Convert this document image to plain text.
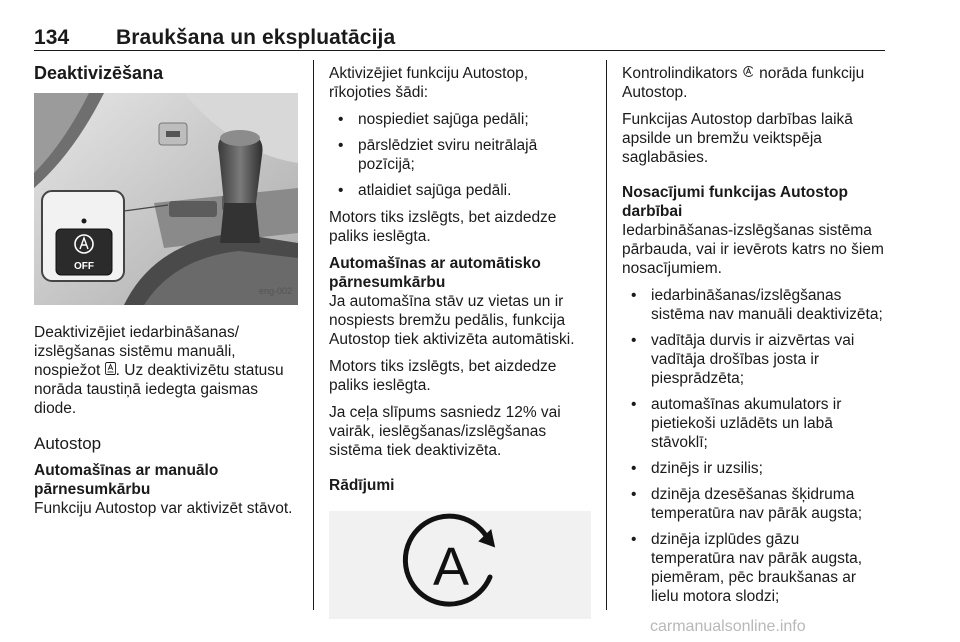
134 Braukšana un ekspluatācija
Deaktivizēšana
OFF
eng-002

Deaktivizējiet iedarbināšanas/ izslēgšanas sistēmu manuāli, nospiežot . Uz deaktivizētu statusu norāda taustiņā iedegta gaismas diode.

Autostop

Automašīnas ar manuālo pārnesumkārbu

Funkciju Autostop var aktivizēt stāvot.

Aktivizējiet funkciju Autostop, rīkojoties šādi:

• nospiediet sajūga pedāli;
• pārslēdziet sviru neitrālajā pozīcijā;
• atlaidiet sajūga pedāli.

Motors tiks izslēgts, bet aizdedze paliks ieslēgta.

Automašīnas ar automātisko pārnesumkārbu

Ja automašīna stāv uz vietas un ir nospiests bremžu pedālis, funkcija Autostop tiek aktivizēta automātiski.

Motors tiks izslēgts, bet aizdedze paliks ieslēgta.

Ja ceļa slīpums sasniedz 12% vai vairāk, ieslēgšanas/izslēgšanas sistēma tiek deaktivizēta.

Rādījumi

A

Kontrolindikators  norāda funkciju Autostop.

Funkcijas Autostop darbības laikā apsilde un bremžu veiktspēja saglabāsies.

Nosacījumi funkcijas Autostop darbībai

Iedarbināšanas-izslēgšanas sistēma pārbauda, vai ir ievērots katrs no šiem nosacījumiem.

• iedarbināšanas/izslēgšanas sistēma nav manuāli deaktivizēta;
• vadītāja durvis ir aizvērtas vai vadītāja drošības josta ir piesprādzēta;
• automašīnas akumulators ir pietiekoši uzlādēts un labā stāvoklī;
• dzinējs ir uzsilis;
• dzinēja dzesēšanas šķidruma temperatūra nav pārāk augsta;
• dzinēja izplūdes gāzu temperatūra nav pārāk augsta, piemēram, pēc braukšanas ar lielu motora slodzi;
carmanualsonline.info
